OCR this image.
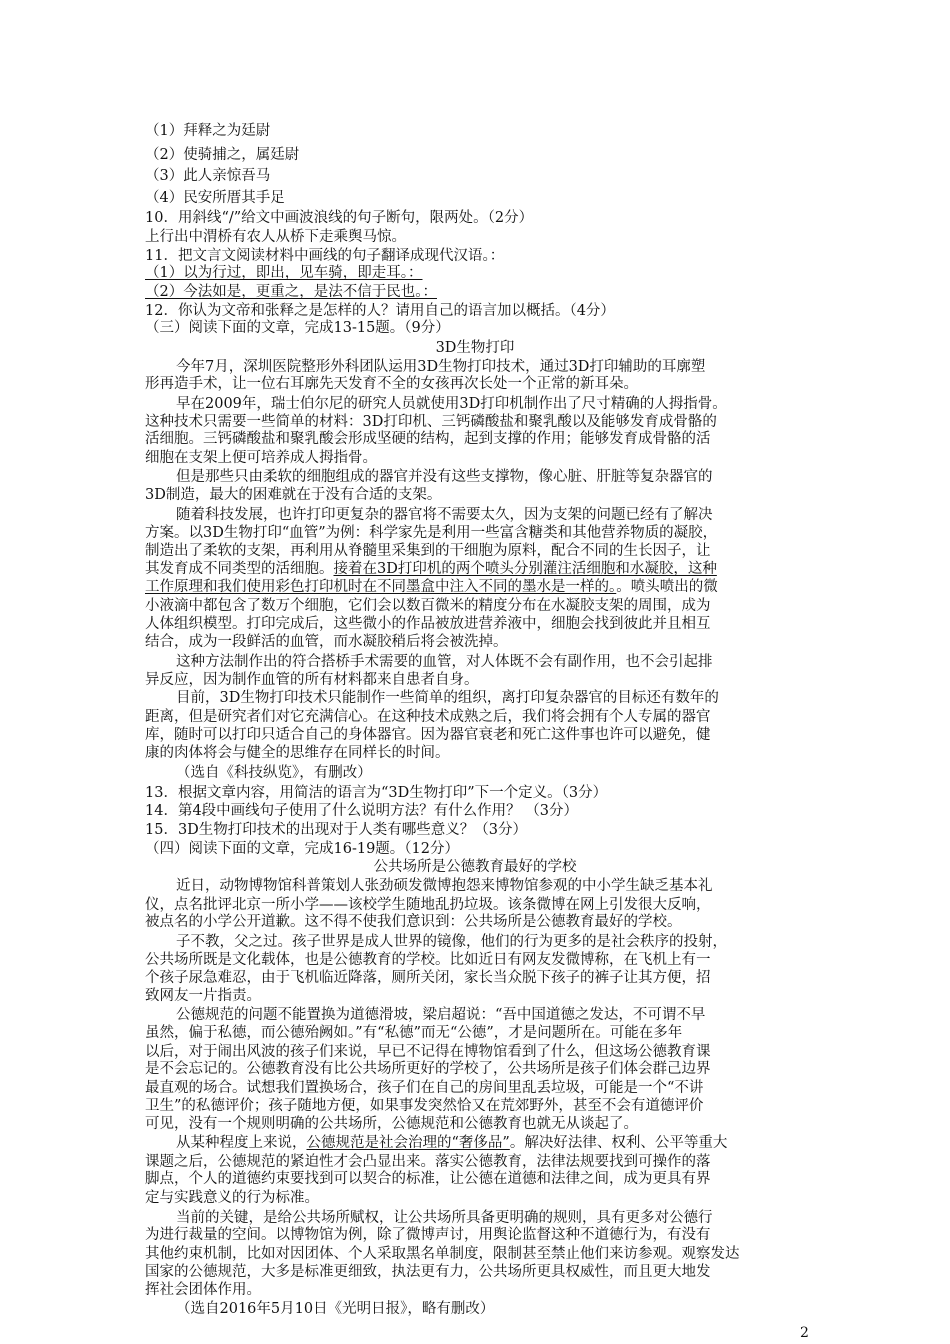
（1）拜释之为廷尉
（2）使骑捕之，属廷尉
（3）此人亲惊吾马
（4）民安所厝其手足
10．用斜线“/”给文中画波浪线的句子断句，限两处。（2分）
上行出中渭桥有农人从桥下走乘舆马惊。
11．把文言文阅读材料中画线的句子翻译成现代汉语。：
（1）以为行过，即出，见车骑，即走耳。：
（2）今法如是，更重之，是法不信于民也。：
12．你认为文帝和张释之是怎样的人？请用自己的语言加以概括。（4分）
（三）阅读下面的文章，完成13-15题。（9分）
3D生物打印
今年7月，深圳医院整形外科团队运用3D生物打印技术，通过3D打印辅助的耳廓塑
形再造手术，让一位右耳廓先天发育不全的女孩再次长处一个正常的新耳朵。
早在2009年，瑞士伯尔尼的研究人员就使用3D打印机制作出了尺寸精确的人拇指骨。
这种技术只需要一些简单的材料：3D打印机、三钙磷酸盐和聚乳酸以及能够发育成骨骼的
活细胞。三钙磷酸盐和聚乳酸会形成坚硬的结构，起到支撑的作用；能够发育成骨骼的活
细胞在支架上便可培养成人拇指骨。
但是那些只由柔软的细胞组成的器官并没有这些支撑物，像心脏、肝脏等复杂器官的
3D制造，最大的困难就在于没有合适的支架。
随着科技发展，也许打印更复杂的器官将不需要太久，因为支架的问题已经有了解决
方案。以3D生物打印“血管”为例：科学家先是利用一些富含糖类和其他营养物质的凝胶，
制造出了柔软的支架，再利用从脊髓里采集到的干细胞为原料，配合不同的生长因子，让
其发育成不同类型的活细胞。接着在3D打印机的两个喷头分别灌注活细胞和水凝胶，这种
工作原理和我们使用彩色打印机时在不同墨盒中注入不同的墨水是一样的。。喷头喷出的微
小液滴中都包含了数万个细胞，它们会以数百微米的精度分布在水凝胶支架的周围，成为
人体组织模型。打印完成后，这些微小的作品被放进营养液中，细胞会找到彼此并且相互
结合，成为一段鲜活的血管，而水凝胶稍后将会被洗掉。
这种方法制作出的符合搭桥手术需要的血管，对人体既不会有副作用，也不会引起排
异反应，因为制作血管的所有材料都来自患者自身。
目前，3D生物打印技术只能制作一些简单的组织，离打印复杂器官的目标还有数年的
距离，但是研究者们对它充满信心。在这种技术成熟之后，我们将会拥有个人专属的器官
库，随时可以打印只适合自己的身体器官。因为器官衰老和死亡这件事也许可以避免，健
康的肉体将会与健全的思维存在同样长的时间。
（选自《科技纵览》，有删改）
13．根据文章内容，用简洁的语言为“3D生物打印”下一个定义。（3分）
14．第4段中画线句子使用了什么说明方法？有什么作用？ （3分）
15．3D生物打印技术的出现对于人类有哪些意义？（3分）
（四）阅读下面的文章，完成16-19题。（12分）
公共场所是公德教育最好的学校
近日，动物博物馆科普策划人张劲硕发微博抱怨来博物馆参观的中小学生缺乏基本礼
仪，点名批评北京一所小学——该校学生随地乱扔垃圾。该条微博在网上引发很大反响，
被点名的小学公开道歉。这不得不使我们意识到：公共场所是公德教育最好的学校。
子不教，父之过。孩子世界是成人世界的镜像，他们的行为更多的是社会秩序的投射，
公共场所既是文化载体，也是公德教育的学校。比如近日有网友发微博称，在飞机上有一
个孩子尿急难忍，由于飞机临近降落，厕所关闭，家长当众脱下孩子的裤子让其方便，招
致网友一片指责。
公德规范的问题不能置换为道德滑坡，梁启超说：“吾中国道德之发达，不可谓不早
虽然，偏于私德，而公德殆阙如。”有“私德”而无“公德”，才是问题所在。可能在多年
以后，对于闹出风波的孩子们来说，早已不记得在博物馆看到了什么，但这场公德教育课
是不会忘记的。公德教育没有比公共场所更好的学校了，公共场所是孩子们体会群己边界
最直观的场合。试想我们置换场合，孩子们在自己的房间里乱丢垃圾，可能是一个“不讲
卫生”的私德评价；孩子随地方便，如果事发突然恰又在荒郊野外，甚至不会有道德评价
可见，没有一个规则明确的公共场所，公德规范和公德教育也就无从谈起了。
从某种程度上来说，公德规范是社会治理的“奢侈品”。解决好法律、权利、公平等重大
课题之后，公德规范的紧迫性才会凸显出来。落实公德教育，法律法规要找到可操作的落
脚点，个人的道德约束要找到可以契合的标准，让公德在道德和法律之间，成为更具有界
定与实践意义的行为标准。
当前的关键，是给公共场所赋权，让公共场所具备更明确的规则，具有更多对公德行
为进行裁量的空间。以博物馆为例，除了微博声讨，用舆论监督这种不道德行为，有没有
其他约束机制，比如对因团体、个人采取黑名单制度，限制甚至禁止他们来访参观。观察发达
国家的公德规范，大多是标准更细致，执法更有力，公共场所更具权威性，而且更大地发
挥社会团体作用。
（选自2016年5月10日《光明日报》，略有删改）
2
